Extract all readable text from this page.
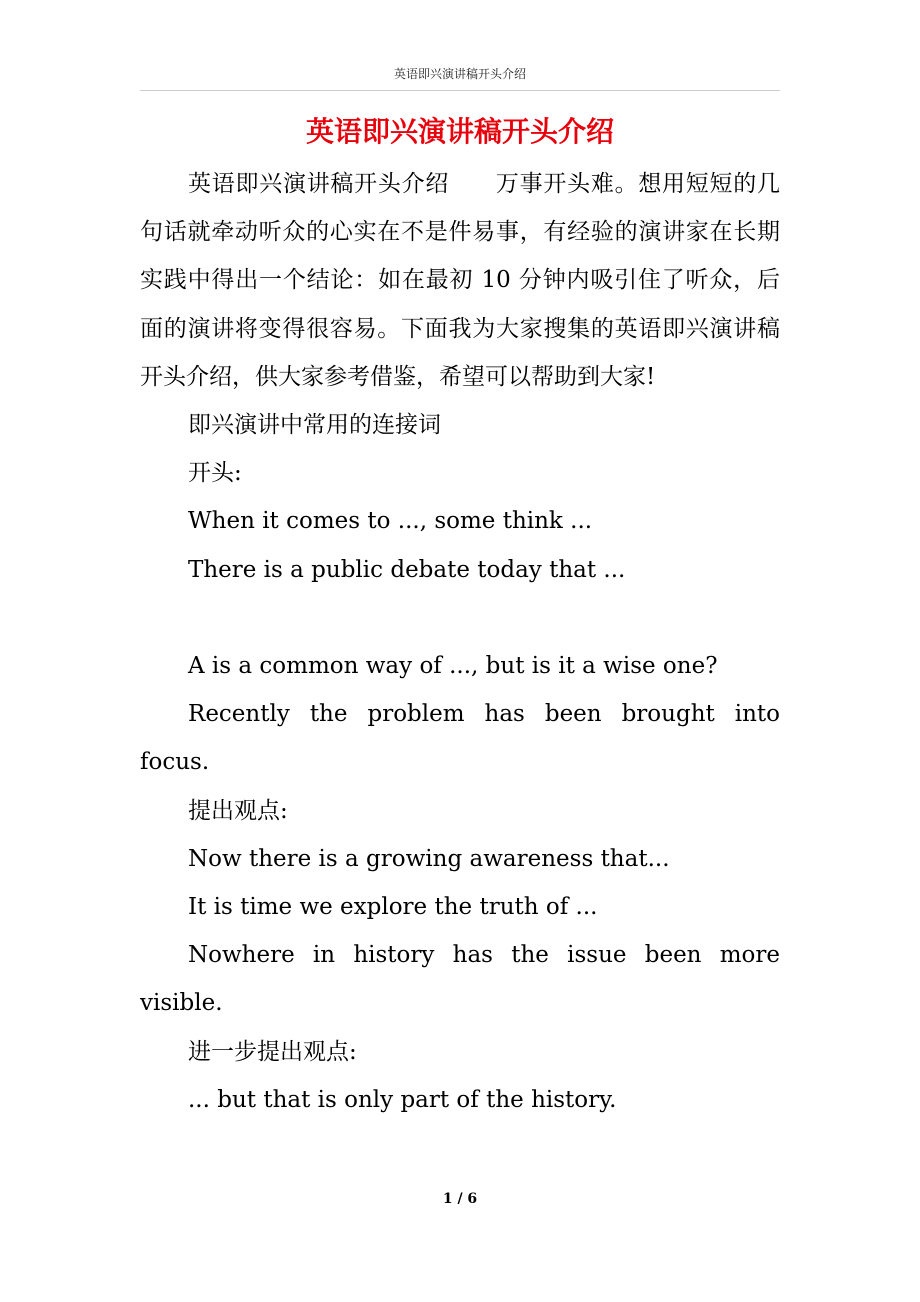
英语即兴演讲稿开头介绍
英语即兴演讲稿开头介绍

英语即兴演讲稿开头介绍 万事开头难。想用短短的几句话就牵动听众的心实在不是件易事，有经验的演讲家在长期实践中得出一个结论：如在最初 10 分钟内吸引住了听众，后面的演讲将变得很容易。下面我为大家搜集的英语即兴演讲稿开头介绍，供大家参考借鉴，希望可以帮助到大家!

即兴演讲中常用的连接词

开头:

When it comes to ..., some think ...

There is a public debate today that ...

A is a common way of ..., but is it a wise one?

Recently the problem has been brought into focus.

提出观点:

Now there is a growing awareness that...

It is time we explore the truth of ...

Nowhere in history has the issue been more visible.

进一步提出观点:

... but that is only part of the history.

1 / 6
